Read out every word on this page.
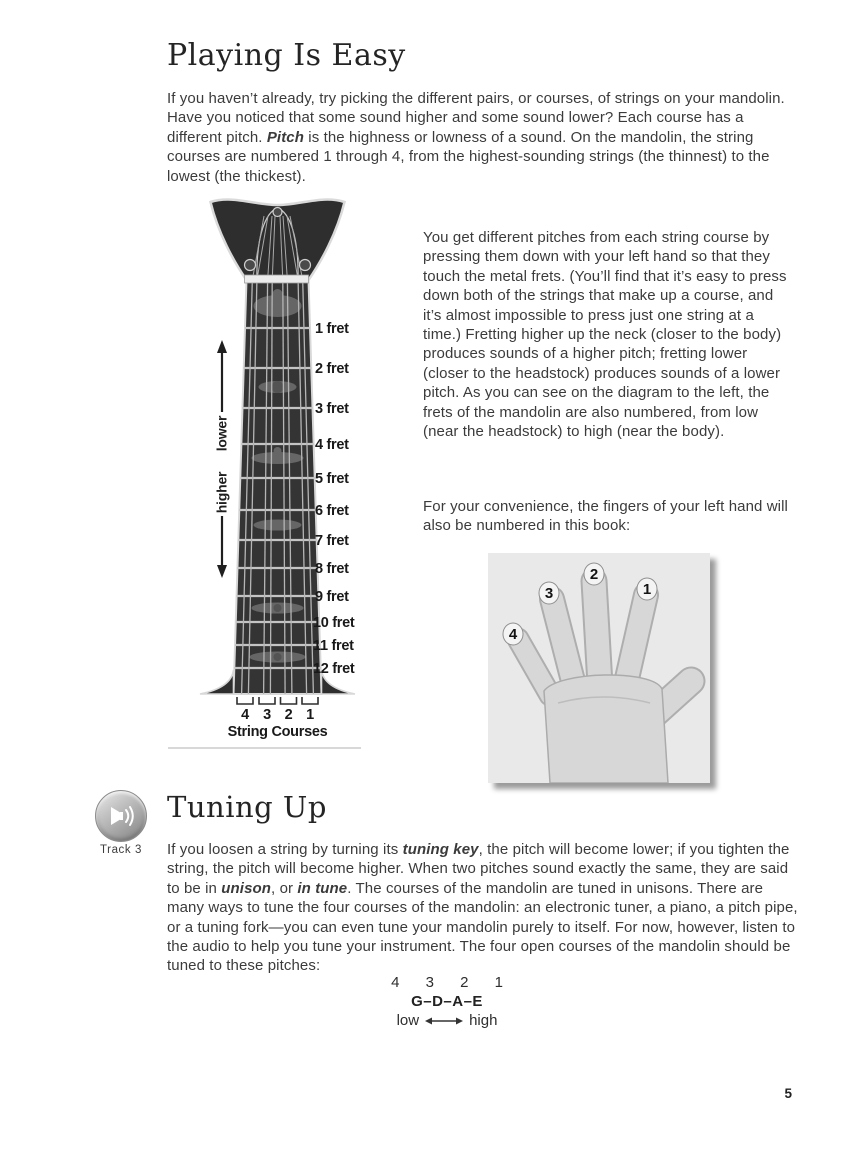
Playing Is Easy

If you haven’t already, try picking the different pairs, or courses, of strings on your mandolin. Have you noticed that some sound higher and some sound lower? Each course has a different pitch. Pitch is the highness or lowness of a sound. On the mandolin, the string courses are numbered 1 through 4, from the highest-sounding strings (the thinnest) to the lowest (the thickest).

1 fret
2 fret
3 fret
4 fret
5 fret
6 fret
7 fret
8 fret
9 fret
10 fret
11 fret
12 fret
lower
higher
4 3 2 1
String Courses

You get different pitches from each string course by pressing them down with your left hand so that they touch the metal frets. (You’ll find that it’s easy to press down both of the strings that make up a course, and it’s almost impossible to press just one string at a time.) Fretting higher up the neck (closer to the body) produces sounds of a higher pitch; fretting lower (closer to the headstock) produces sounds of a lower pitch. As you can see on the diagram to the left, the frets of the mandolin are also numbered, from low (near the headstock) to high (near the body).

For your convenience, the fingers of your left hand will also be numbered in this book:

2
1
3
4
Track 3
Tuning Up

If you loosen a string by turning its tuning key, the pitch will become lower; if you tighten the string, the pitch will become higher. When two pitches sound exactly the same, they are said to be in unison, or in tune. The courses of the mandolin are tuned in unisons. There are many ways to tune the four courses of the mandolin: an electronic tuner, a piano, a pitch pipe, or a tuning fork—you can even tune your mandolin purely to itself. For now, however, listen to the audio to help you tune your instrument. The four open courses of the mandolin should be tuned to these pitches:

4 3 2 1
G–D–A–E
low	high
5
